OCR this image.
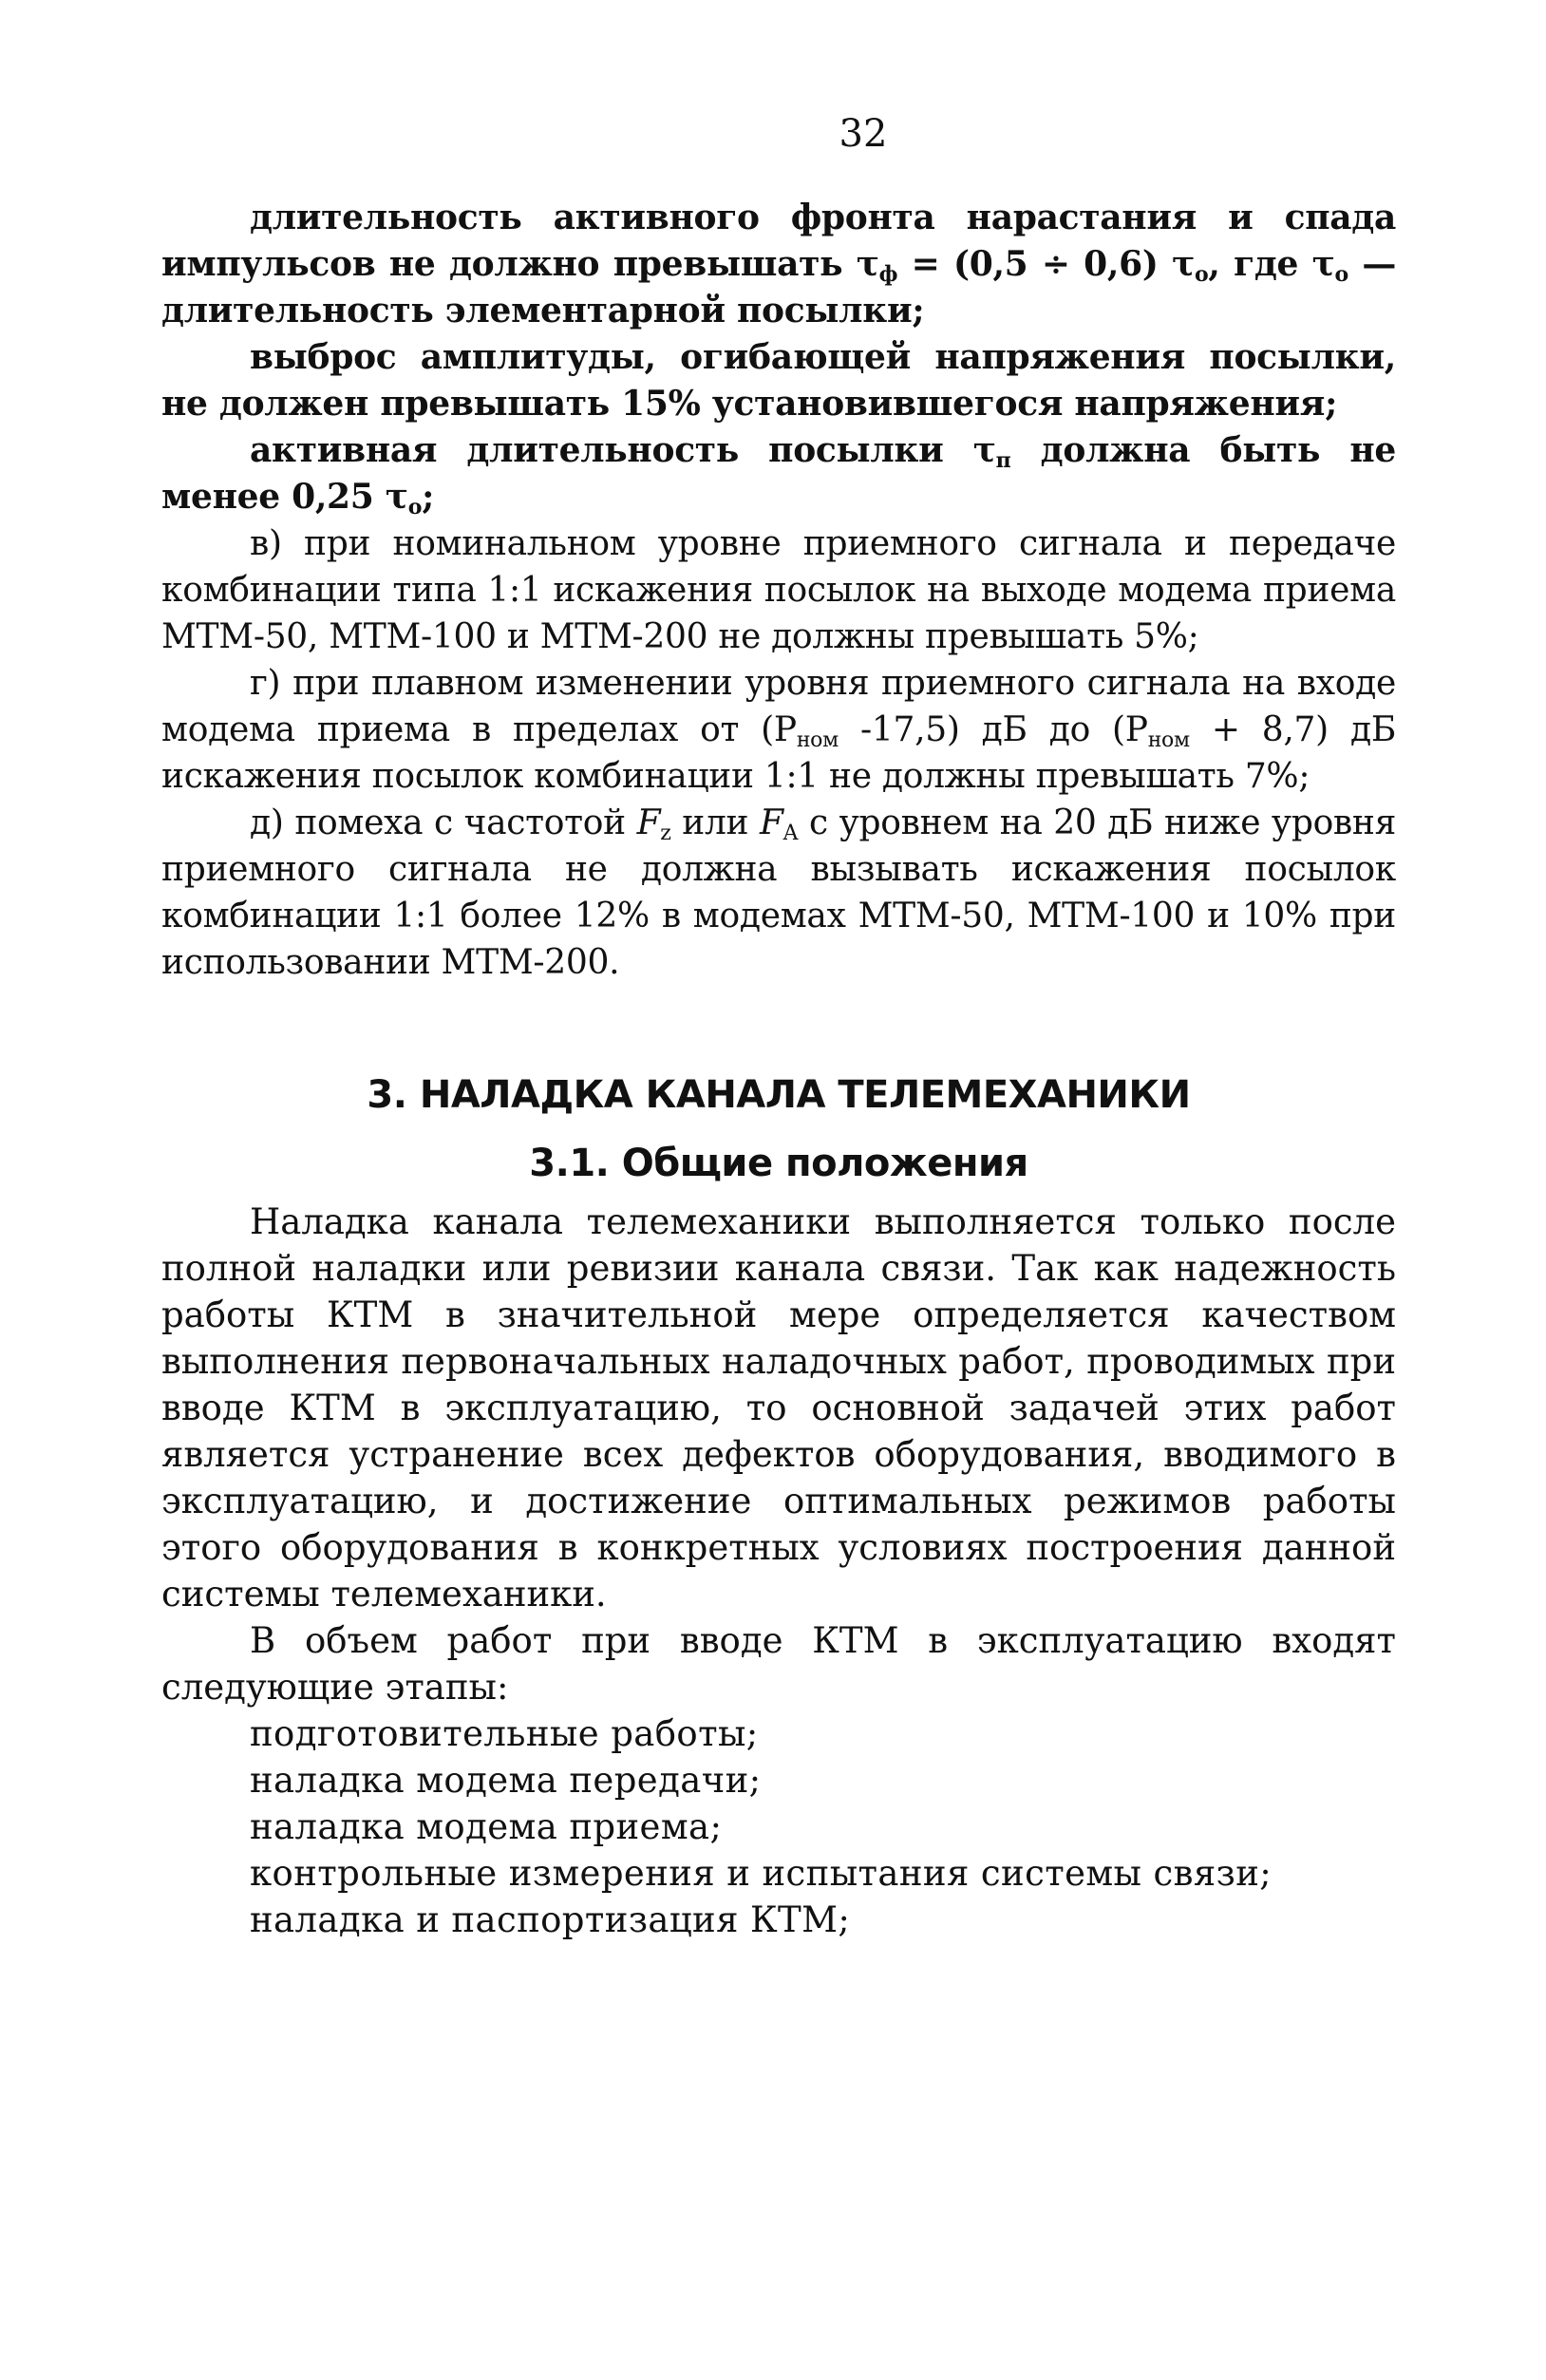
32

длительность активного фронта нарастания и спада импульсов не должно превышать $\tau_ф = (0,5 \div 0,6)$ $\tau_o$, где $\tau_o$ — длительность элементарной посылки;

выброс амплитуды, огибающей напряжения посылки, не должен превышать 15% установившегося напряжения;

активная длительность посылки $\tau_п$ должна быть не менее 0,25 $\tau_o$;

в) при номинальном уровне приемного сигнала и передаче комбинации типа 1:1 искажения посылок на выходе модема приема МТМ-50, МТМ-100 и МТМ-200 не должны превышать 5%;

г) при плавном изменении уровня приемного сигнала на входе модема приема в пределах от ($Р_{ном}$ -17,5) дБ до $(Р_{ном} + 8,7)$ дБ искажения посылок комбинации 1:1 не должны превышать 7%;

д) помеха с частотой $F_z$ или $F_A$ с уровнем на 20 дБ ниже уровня приемного сигнала не должна вызывать искажения посылок комбинации 1:1 более 12% в модемах МТМ-50, МТМ-100 и 10% при использовании МТМ-200.

3. НАЛАДКА КАНАЛА ТЕЛЕМЕХАНИКИ
3.1. Общие положения

Наладка канала телемеханики выполняется только после полной наладки или ревизии канала связи. Так как надежность работы КТМ в значительной мере определяется качеством выполнения первоначальных наладочных работ, проводимых при вводе КТМ в эксплуатацию, то основной задачей этих работ является устранение всех дефектов оборудования, вводимого в эксплуатацию, и достижение оптимальных режимов работы этого оборудования в конкретных условиях построения данной системы телемеханики.

В объем работ при вводе КТМ в эксплуатацию входят следующие этапы:

подготовительные работы;

наладка модема передачи;

наладка модема приема;

контрольные измерения и испытания системы связи;

наладка и паспортизация КТМ;
